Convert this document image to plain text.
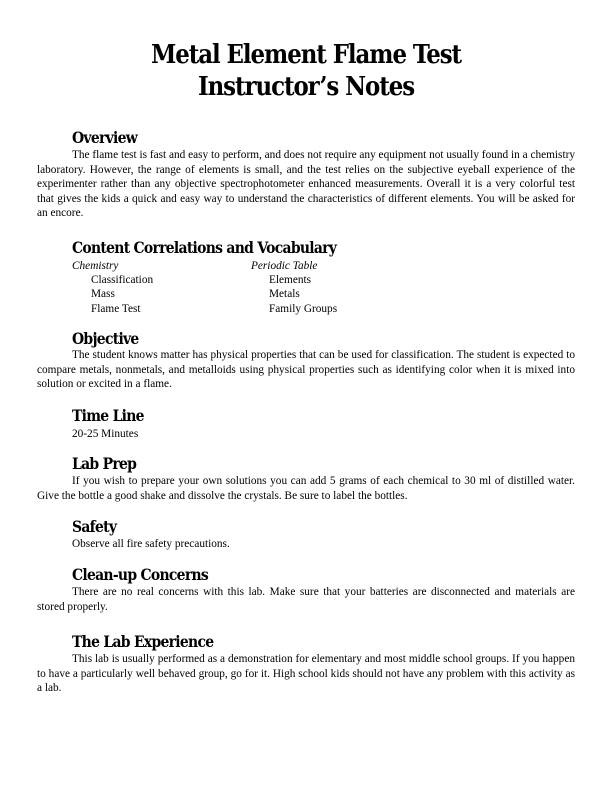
Metal Element Flame Test
Instructor’s Notes
Overview

The flame test is fast and easy to perform, and does not require any equipment not usually found in a chemistry laboratory. However, the range of elements is small, and the test relies on the subjective eyeball experience of the experimenter rather than any objective spectrophotometer enhanced measurements. Overall it is a very colorful test that gives the kids a quick and easy way to understand the characteristics of different elements. You will be asked for an encore.

Content Correlations and Vocabulary
Chemistry	Periodic Table
Classification
Mass
Flame Test
Elements
Metals
Family Groups
Objective

The student knows matter has physical properties that can be used for classification. The student is expected to compare metals, nonmetals, and metalloids using physical properties such as identifying color when it is mixed into solution or excited in a flame.

Time Line
20-25 Minutes
Lab Prep

If you wish to prepare your own solutions you can add 5 grams of each chemical to 30 ml of distilled water. Give the bottle a good shake and dissolve the crystals. Be sure to label the bottles.

Safety
Observe all fire safety precautions.
Clean-up Concerns

There are no real concerns with this lab. Make sure that your batteries are disconnected and materials are stored properly.

The Lab Experience

This lab is usually performed as a demonstration for elementary and most middle school groups. If you happen to have a particularly well behaved group, go for it. High school kids should not have any problem with this activity as a lab.
